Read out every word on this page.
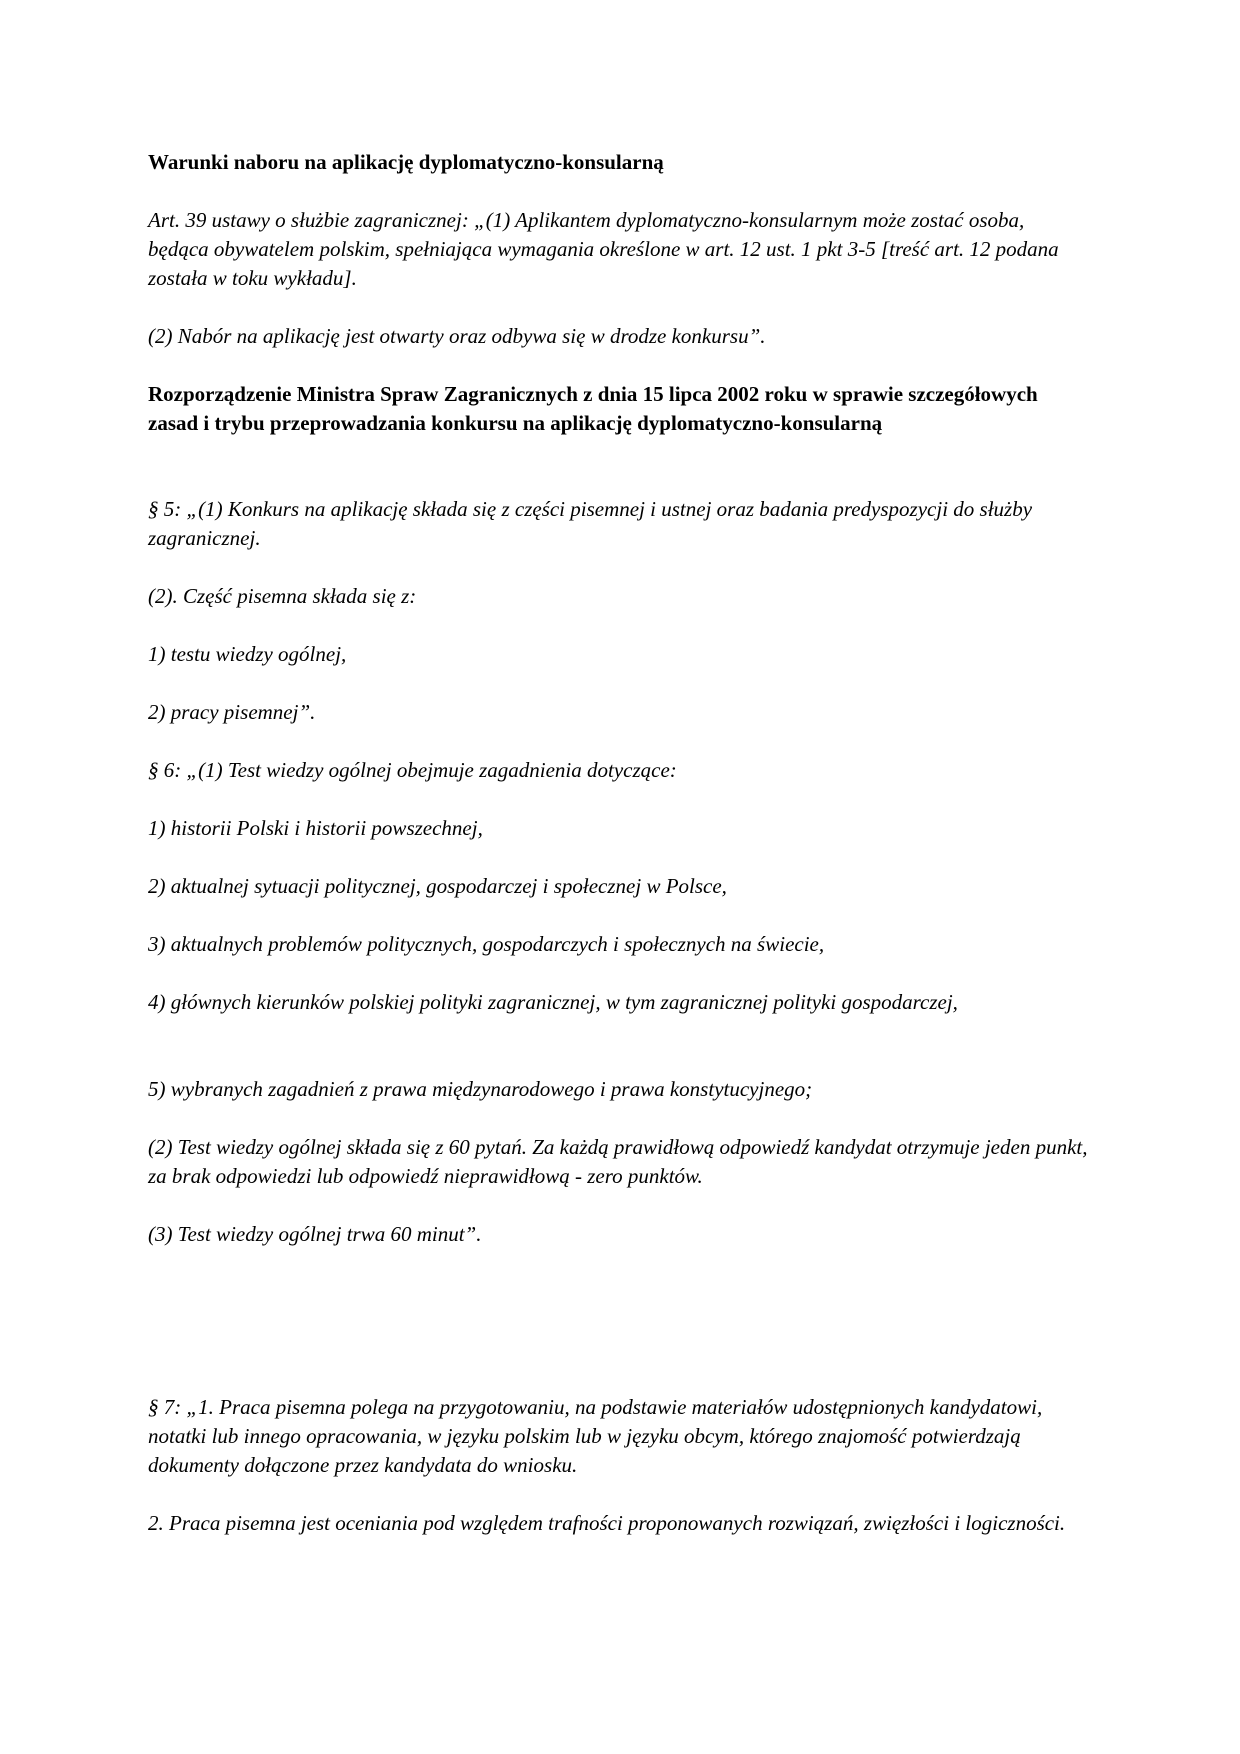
Warunki naboru na aplikację dyplomatyczno-konsularną

Art. 39 ustawy o służbie zagranicznej: „(1) Aplikantem dyplomatyczno-konsularnym może zostać osoba, będąca obywatelem polskim, spełniająca wymagania określone w art. 12 ust. 1 pkt 3-5 [treść art. 12 podana została w toku wykładu].

(2) Nabór na aplikację jest otwarty oraz odbywa się w drodze konkursu”.

Rozporządzenie Ministra Spraw Zagranicznych z dnia 15 lipca 2002 roku w sprawie szczegółowych zasad i trybu przeprowadzania konkursu na aplikację dyplomatyczno-konsularną

§ 5: „(1) Konkurs na aplikację składa się z części pisemnej i ustnej oraz badania predyspozycji do służby zagranicznej.

(2). Część pisemna składa się z:

1) testu wiedzy ogólnej,

2) pracy pisemnej”.

§ 6: „(1) Test wiedzy ogólnej obejmuje zagadnienia dotyczące:

1) historii Polski i historii powszechnej,

2) aktualnej sytuacji politycznej, gospodarczej i społecznej w Polsce,

3) aktualnych problemów politycznych, gospodarczych i społecznych na świecie,

4) głównych kierunków polskiej polityki zagranicznej, w tym zagranicznej polityki gospodarczej,

5) wybranych zagadnień z prawa międzynarodowego i prawa konstytucyjnego;

(2) Test wiedzy ogólnej składa się z 60 pytań. Za każdą prawidłową odpowiedź kandydat otrzymuje jeden punkt, za brak odpowiedzi lub odpowiedź nieprawidłową - zero punktów.

(3) Test wiedzy ogólnej trwa 60 minut”.

§ 7: „1. Praca pisemna polega na przygotowaniu, na podstawie materiałów udostępnionych kandydatowi, notatki lub innego opracowania, w języku polskim lub w języku obcym, którego znajomość potwierdzają dokumenty dołączone przez kandydata do wniosku.

2. Praca pisemna jest oceniania pod względem trafności proponowanych rozwiązań, zwięzłości i logiczności.
